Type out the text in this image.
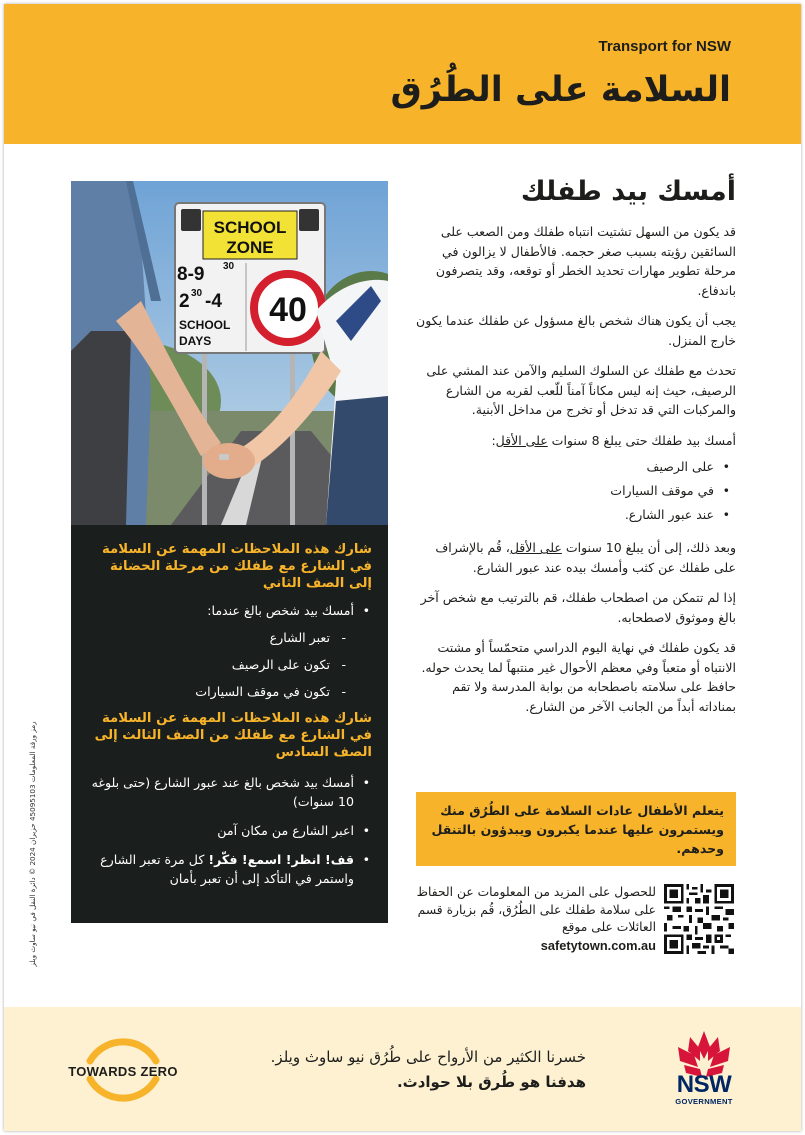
Transport for NSW
السلامة على الطُرُق
SCHOOL
ZONE
8-9 30
2 30 -4
SCHOOL
DAYS
40
شارك هذه الملاحظات المهمة عن السلامة في الشارع مع طفلك من مرحلة الحضانة إلى الصف الثاني
• أمسك بيد شخص بالغ عندما:
- تعبر الشارع
- تكون على الرصيف
- تكون في موقف السيارات
شارك هذه الملاحظات المهمة عن السلامة في الشارع مع طفلك من الصف الثالث إلى الصف السادس
• أمسك بيد شخص بالغ عند عبور الشارع (حتى بلوغه 10 سنوات)
• اعبر الشارع من مكان آمن
• قف! انظر! اسمع! فكّر! كل مرة تعبر الشارع واستمر في التأكد إلى أن تعبر بأمان
أمسك بيد طفلك

قد يكون من السهل تشتيت انتباه طفلك ومن الصعب على السائقين رؤيته بسبب صغر حجمه. فالأطفال لا يزالون في مرحلة تطوير مهارات تحديد الخطر أو توقعه، وقد يتصرفون باندفاع.

يجب أن يكون هناك شخص بالغ مسؤول عن طفلك عندما يكون خارج المنزل.

تحدث مع طفلك عن السلوك السليم والآمن عند المشي على الرصيف، حيث إنه ليس مكاناً آمناً للّعب لقربه من الشارع والمركبات التي قد تدخل أو تخرج من مداخل الأبنية.

أمسك بيد طفلك حتى يبلغ 8 سنوات على الأقل:

• على الرصيف
• في موقف السيارات
• عند عبور الشارع.

وبعد ذلك، إلى أن يبلغ 10 سنوات على الأقل، قُم بالإشراف على طفلك عن كثب وأمسك بيده عند عبور الشارع.

إذا لم تتمكن من اصطحاب طفلك، قم بالترتيب مع شخص آخر بالغ وموثوق لاصطحابه.

قد يكون طفلك في نهاية اليوم الدراسي متحمّساً أو مشتت الانتباه أو متعباً وفي معظم الأحوال غير منتبهاً لما يحدث حوله. حافظ على سلامته باصطحابه من بوابة المدرسة ولا تقم بمناداته أبداً من الجانب الآخر من الشارع.

يتعلم الأطفال عادات السلامة على الطُرُق منك ويستمرون عليها عندما يكبرون ويبدؤون بالتنقل وحدهم.
للحصول على المزيد من المعلومات عن الحفاظ على سلامة طفلك على الطُرُق، قُم بزيارة قسم العائلات على موقع
safetytown.com.au
رمز ورقة المعلومات 45095103 حزيران 2024 © دائرة النقل في نيو ساوث ويلز
TOWARDS ZERO
خسرنا الكثير من الأرواح على طُرُق نيو ساوث ويلز.
هدفنا هو طُرق بلا حوادث.	NSW
GOVERNMENT
